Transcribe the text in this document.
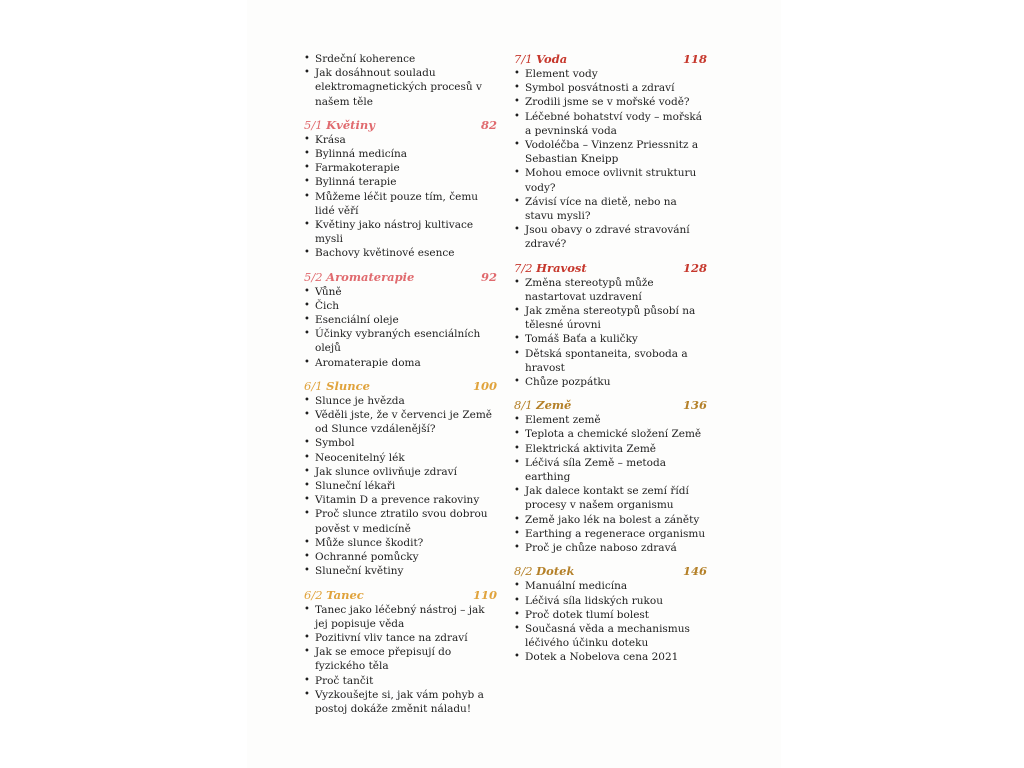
• Srdeční koherence
• Jak dosáhnout souladu elektromagnetických procesů v našem těle
5/1 Květiny	82
• Krása
• Bylinná medicína
• Farmakoterapie
• Bylinná terapie
• Můžeme léčit pouze tím, čemu lidé věří
• Květiny jako nástroj kultivace mysli
• Bachovy květinové esence
5/2 Aromaterapie	92
• Vůně
• Čich
• Esenciální oleje
• Účinky vybraných esenciálních olejů
• Aromaterapie doma
6/1 Slunce	100
• Slunce je hvězda
• Věděli jste, že v červenci je Země od Slunce vzdálenější?
• Symbol
• Neocenitelný lék
• Jak slunce ovlivňuje zdraví
• Sluneční lékaři
• Vitamin D a prevence rakoviny
• Proč slunce ztratilo svou dobrou pověst v medicíně
• Může slunce škodit?
• Ochranné pomůcky
• Sluneční květiny
6/2 Tanec	110
• Tanec jako léčebný nástroj – jak jej popisuje věda
• Pozitivní vliv tance na zdraví
• Jak se emoce přepisují do fyzického těla
• Proč tančit
• Vyzkoušejte si, jak vám pohyb a postoj dokáže změnit náladu!
7/1 Voda	118
• Element vody
• Symbol posvátnosti a zdraví
• Zrodili jsme se v mořské vodě?
• Léčebné bohatství vody – mořská a pevninská voda
• Vodoléčba – Vinzenz Priessnitz a Sebastian Kneipp
• Mohou emoce ovlivnit strukturu vody?
• Závisí více na dietě, nebo na stavu mysli?
• Jsou obavy o zdravé stravování zdravé?
7/2 Hravost	128
• Změna stereotypů může nastartovat uzdravení
• Jak změna stereotypů působí na tělesné úrovni
• Tomáš Baťa a kuličky
• Dětská spontaneita, svoboda a hravost
• Chůze pozpátku
8/1 Země	136
• Element země
• Teplota a chemické složení Země
• Elektrická aktivita Země
• Léčivá síla Země – metoda earthing
• Jak dalece kontakt se zemí řídí procesy v našem organismu
• Země jako lék na bolest a záněty
• Earthing a regenerace organismu
• Proč je chůze naboso zdravá
8/2 Dotek	146
• Manuální medicína
• Léčivá síla lidských rukou
• Proč dotek tlumí bolest
• Současná věda a mechanismus léčivého účinku doteku
• Dotek a Nobelova cena 2021
